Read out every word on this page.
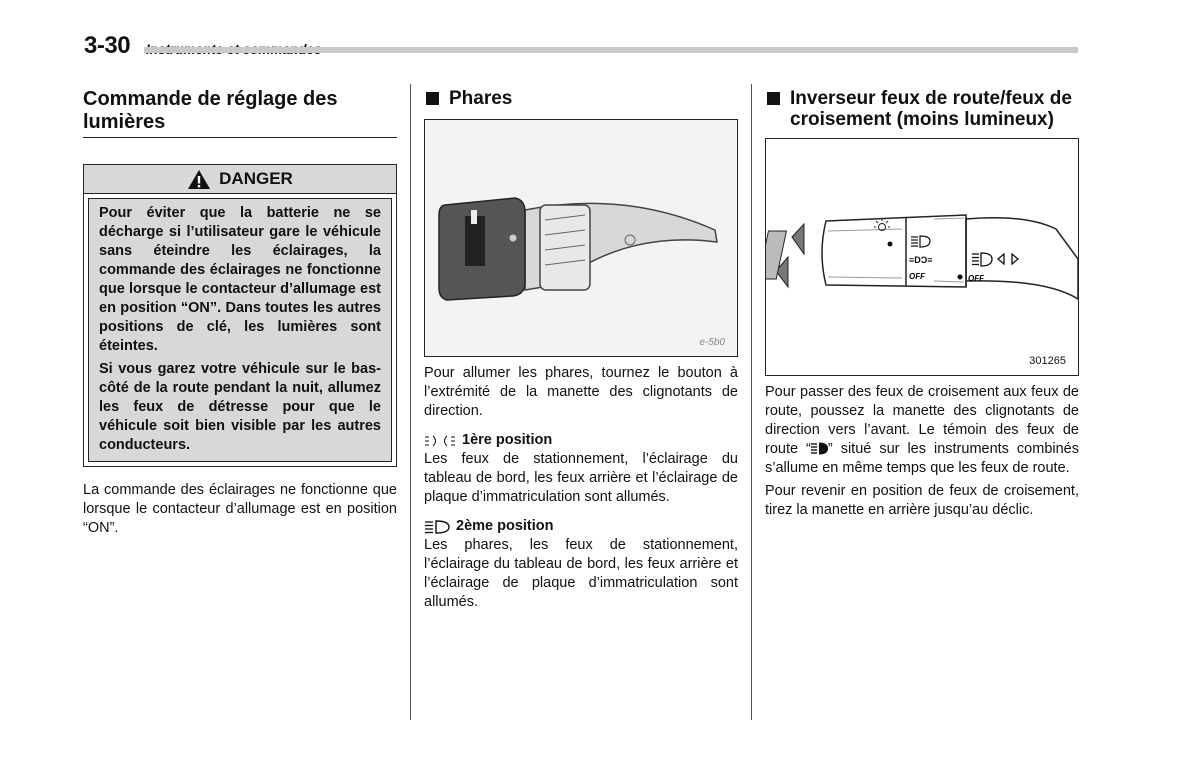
3-30
Commande de réglage des lumières
DANGER

Pour éviter que la batterie ne se décharge si l’utilisateur gare le véhicule sans éteindre les éclairages, la commande des éclairages ne fonctionne que lorsque le contacteur d’allumage est en position “ON”. Dans toutes les autres positions de clé, les lumières sont éteintes.

Si vous garez votre véhicule sur le bas-côté de la route pendant la nuit, allumez les feux de détresse pour que le véhicule soit bien visible par les autres conducteurs.

La commande des éclairages ne fonctionne que lorsque le contacteur d’allumage est en position “ON”.

Phares
e-5b0

Pour allumer les phares, tournez le bouton à l’extrémité de la manette des clignotants de direction.

1ère position

Les feux de stationnement, l’éclairage du tableau de bord, les feux arrière et l’éclairage de plaque d’immatriculation sont allumés.

2ème position

Les phares, les feux de stationnement, l’éclairage du tableau de bord, les feux arrière et l’éclairage de plaque d’immatriculation sont allumés.

Inverseur feux de route/feux de croisement (moins lumineux)
≡DƆ≡
OFF	OFF
301265

Pour passer des feux de croisement aux feux de route, poussez la manette des clignotants de direction vers l’avant. Le témoin des feux de route “ ” situé sur les instruments combinés s’allume en même temps que les feux de route.

Pour revenir en position de feux de croisement, tirez la manette en arrière jusqu’au déclic.
